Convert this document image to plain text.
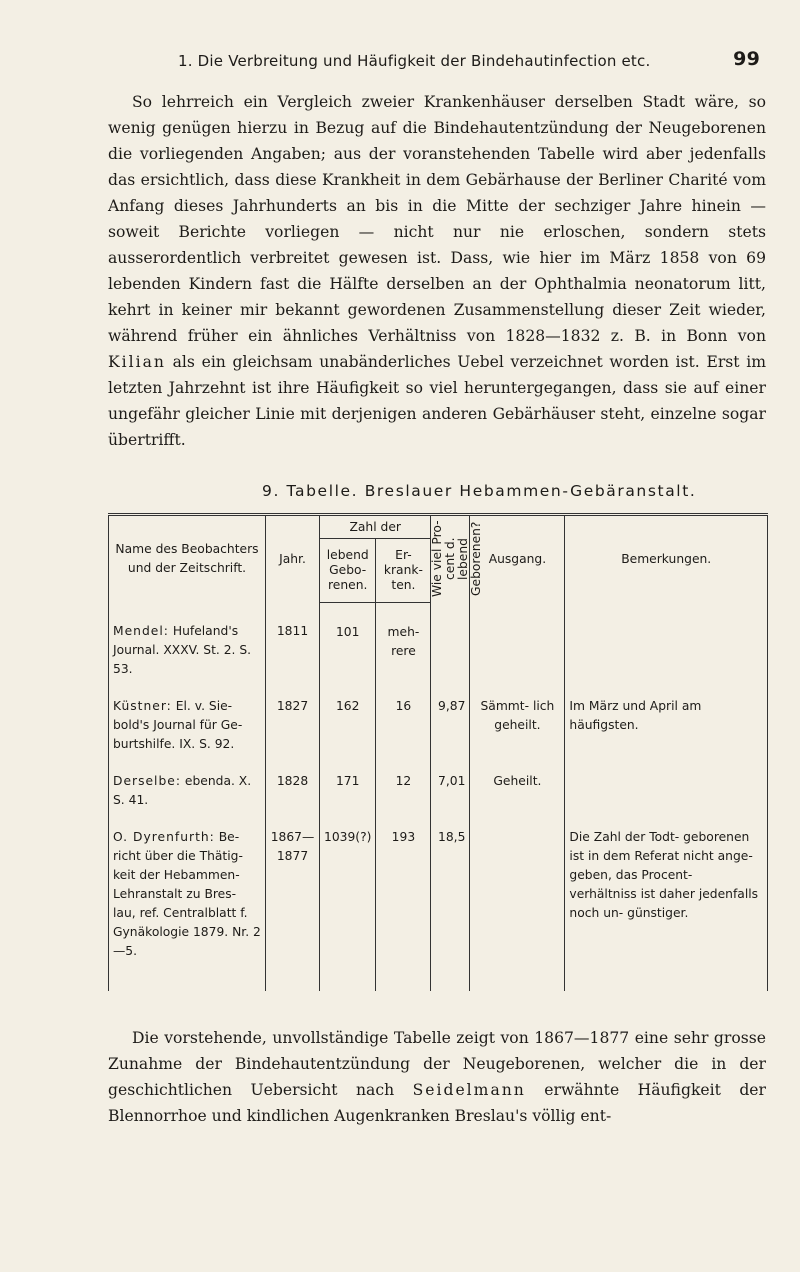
1. Die Verbreitung und Häufigkeit der Bindehautinfection etc.	99

So lehrreich ein Vergleich zweier Krankenhäuser derselben Stadt wäre, so wenig genügen hierzu in Bezug auf die Bindehautentzündung der Neugeborenen die vorliegenden Angaben; aus der voranstehenden Tabelle wird aber jedenfalls das ersichtlich, dass diese Krankheit in dem Gebärhause der Berliner Charité vom Anfang dieses Jahrhunderts an bis in die Mitte der sechziger Jahre hinein — soweit Berichte vorliegen — nicht nur nie erloschen, sondern stets ausserordentlich verbreitet gewesen ist. Dass, wie hier im März 1858 von 69 lebenden Kindern fast die Hälfte derselben an der Ophthalmia neonatorum litt, kehrt in keiner mir bekannt gewordenen Zusammenstellung dieser Zeit wieder, während früher ein ähnliches Verhältniss von 1828—1832 z. B. in Bonn von Kilian als ein gleichsam unabänderliches Uebel verzeichnet worden ist. Erst im letzten Jahrzehnt ist ihre Häufigkeit so viel heruntergegangen, dass sie auf einer ungefähr gleicher Linie mit derjenigen anderen Gebärhäuser steht, einzelne sogar übertrifft.

9. Tabelle. Breslauer Hebammen-Gebäranstalt.
Name des Beobachters und der Zeitschrift.	Jahr.	Zahl der		Wie viel Pro- cent d. lebend Geborenen?	Ausgang.	Bemerkungen.
		lebend Gebo- renen.	Er- krank- ten.			
Mendel: Hufeland's Journal. XXXV. St. 2. S. 53.	1811	101	meh- rere			
Küstner: El. v. Sie- bold's Journal für Ge- burtshilfe. IX. S. 92.	1827	162	16	9,87	Sämmt- lich geheilt.	Im März und April am häufigsten.
Derselbe: ebenda. X. S. 41.	1828	171	12	7,01	Geheilt.	
O. Dyrenfurth: Be- richt über die Thätig- keit der Hebammen- Lehranstalt zu Bres- lau, ref. Centralblatt f. Gynäkologie 1879. Nr. 2—5.	1867— 1877	1039(?)	193	18,5		Die Zahl der Todt- geborenen ist in dem Referat nicht ange- geben, das Procent- verhältniss ist daher jedenfalls noch un- günstiger.

Die vorstehende, unvollständige Tabelle zeigt von 1867—1877 eine sehr grosse Zunahme der Bindehautentzündung der Neugeborenen, welcher die in der geschichtlichen Uebersicht nach Seidelmann erwähnte Häufigkeit der Blennorrhoe und kindlichen Augenkranken Breslau's völlig ent-
